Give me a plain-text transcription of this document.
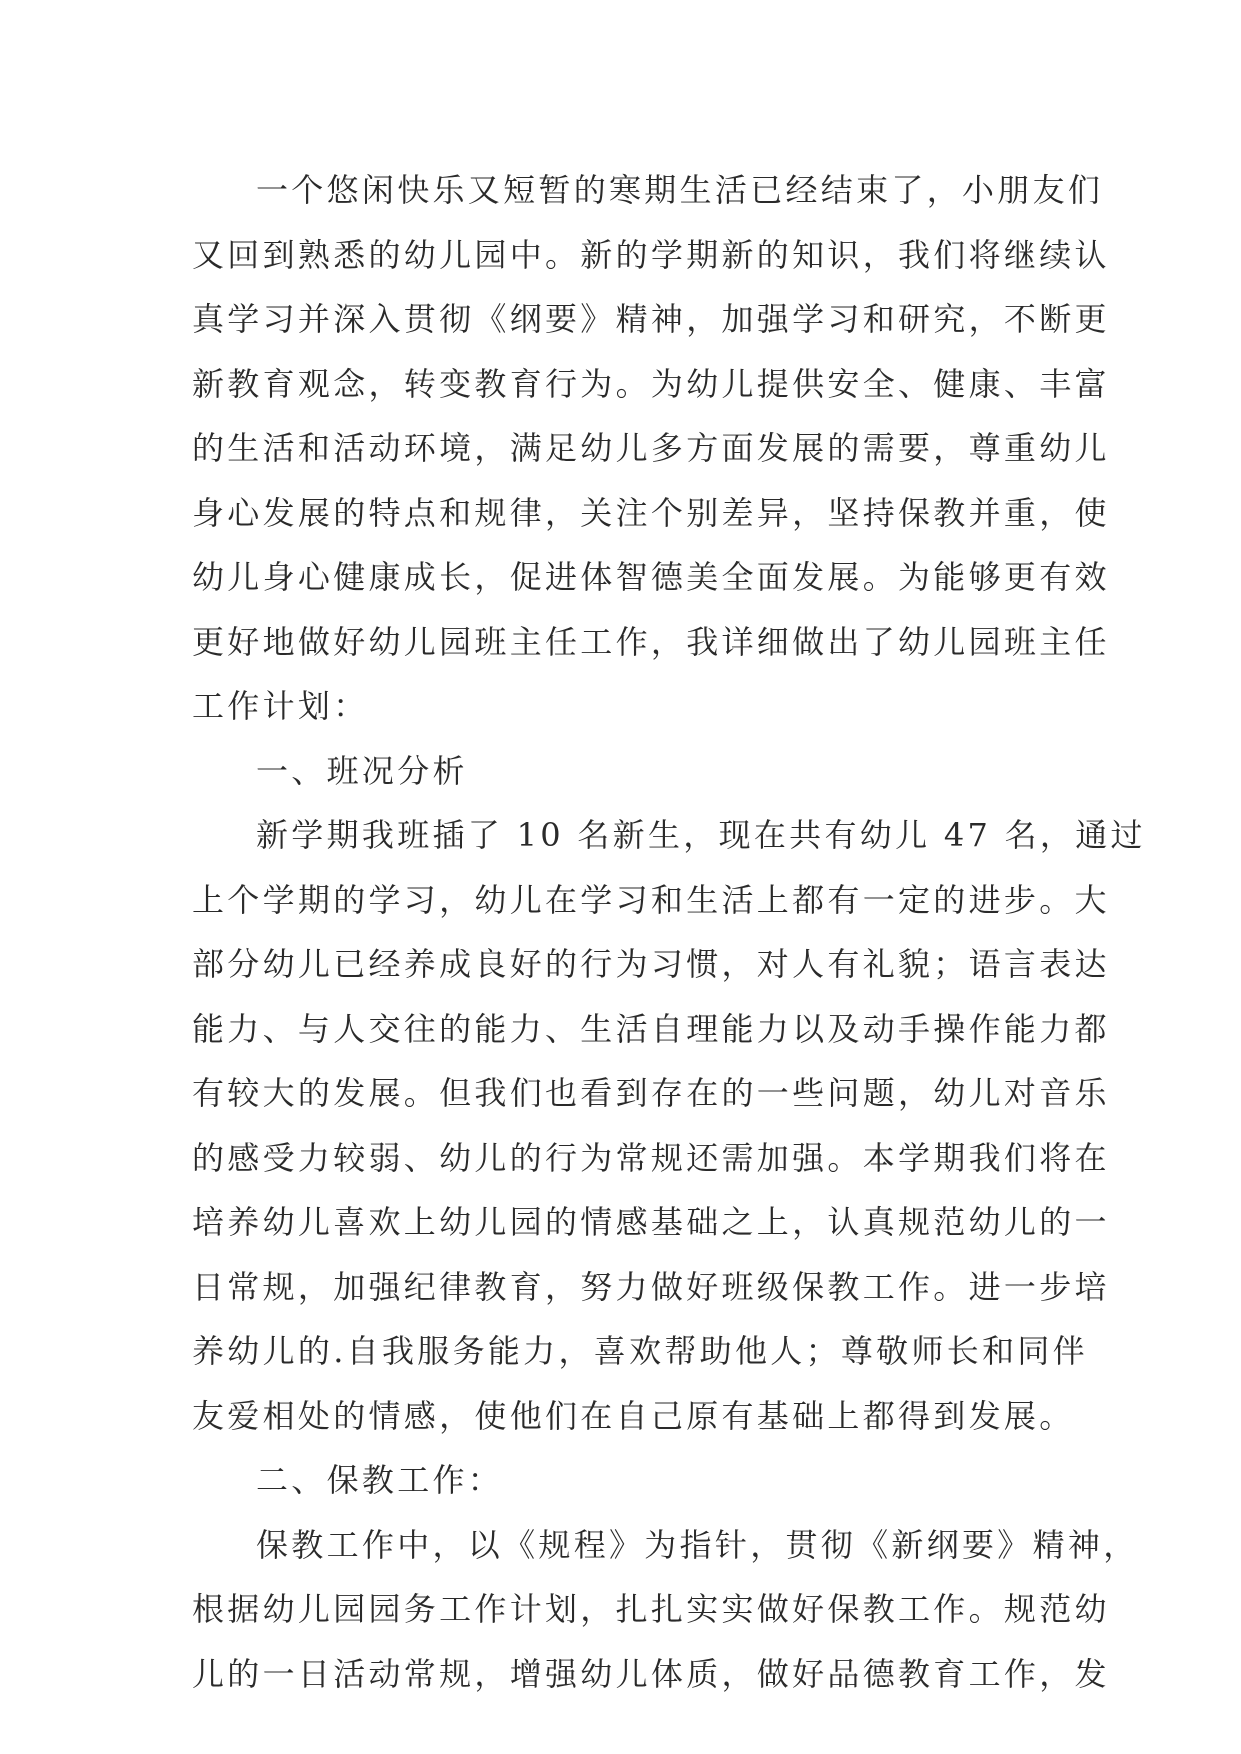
一个悠闲快乐又短暂的寒期生活已经结束了，小朋友们
又回到熟悉的幼儿园中。新的学期新的知识，我们将继续认
真学习并深入贯彻《纲要》精神，加强学习和研究，不断更
新教育观念，转变教育行为。为幼儿提供安全、健康、丰富
的生活和活动环境，满足幼儿多方面发展的需要，尊重幼儿
身心发展的特点和规律，关注个别差异，坚持保教并重，使
幼儿身心健康成长，促进体智德美全面发展。为能够更有效
更好地做好幼儿园班主任工作，我详细做出了幼儿园班主任
工作计划：
一、班况分析
新学期我班插了 10 名新生，现在共有幼儿 47 名，通过
上个学期的学习，幼儿在学习和生活上都有一定的进步。大
部分幼儿已经养成良好的行为习惯，对人有礼貌；语言表达
能力、与人交往的能力、生活自理能力以及动手操作能力都
有较大的发展。但我们也看到存在的一些问题，幼儿对音乐
的感受力较弱、幼儿的行为常规还需加强。本学期我们将在
培养幼儿喜欢上幼儿园的情感基础之上，认真规范幼儿的一
日常规，加强纪律教育，努力做好班级保教工作。进一步培
养幼儿的.自我服务能力，喜欢帮助他人；尊敬师长和同伴
友爱相处的情感，使他们在自己原有基础上都得到发展。
二、保教工作：
保教工作中，以《规程》为指针，贯彻《新纲要》精神，
根据幼儿园园务工作计划，扎扎实实做好保教工作。规范幼
儿的一日活动常规，增强幼儿体质，做好品德教育工作，发
